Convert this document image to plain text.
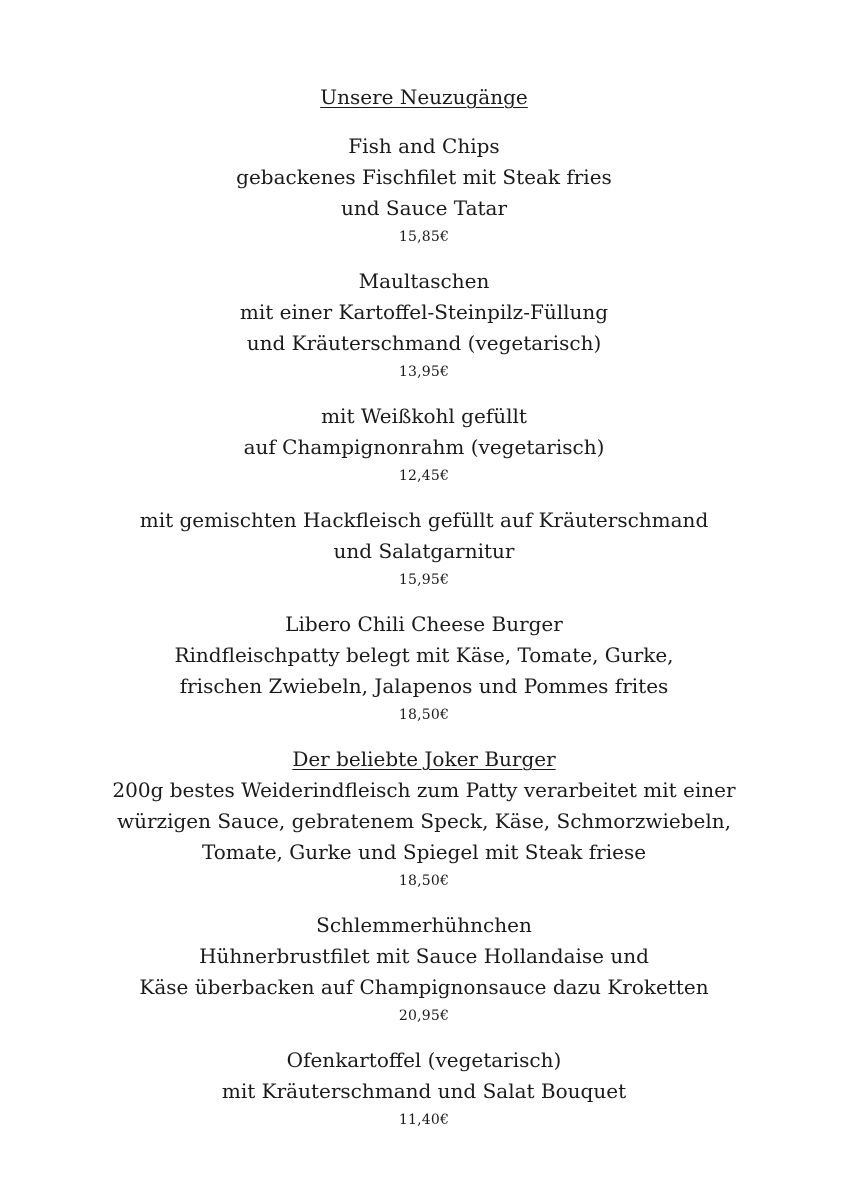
Unsere Neuzugänge
Fish and Chips
gebackenes Fischfilet mit Steak fries
und Sauce Tatar
15,85€
Maultaschen
mit einer Kartoffel-Steinpilz-Füllung
und Kräuterschmand (vegetarisch)
13,95€
mit Weißkohl gefüllt
auf Champignonrahm (vegetarisch)
12,45€
mit gemischten Hackfleisch gefüllt auf Kräuterschmand
und Salatgarnitur
15,95€
Libero Chili Cheese Burger
Rindfleischpatty belegt mit Käse, Tomate, Gurke,
frischen Zwiebeln, Jalapenos und Pommes frites
18,50€
Der beliebte Joker Burger
200g bestes Weiderindfleisch zum Patty verarbeitet mit einer
würzigen Sauce, gebratenem Speck, Käse, Schmorzwiebeln,
Tomate, Gurke und Spiegel mit Steak friese
18,50€
Schlemmerhühnchen
Hühnerbrustfilet mit Sauce Hollandaise und
Käse überbacken auf Champignonsauce dazu Kroketten
20,95€
Ofenkartoffel (vegetarisch)
mit Kräuterschmand und Salat Bouquet
11,40€
